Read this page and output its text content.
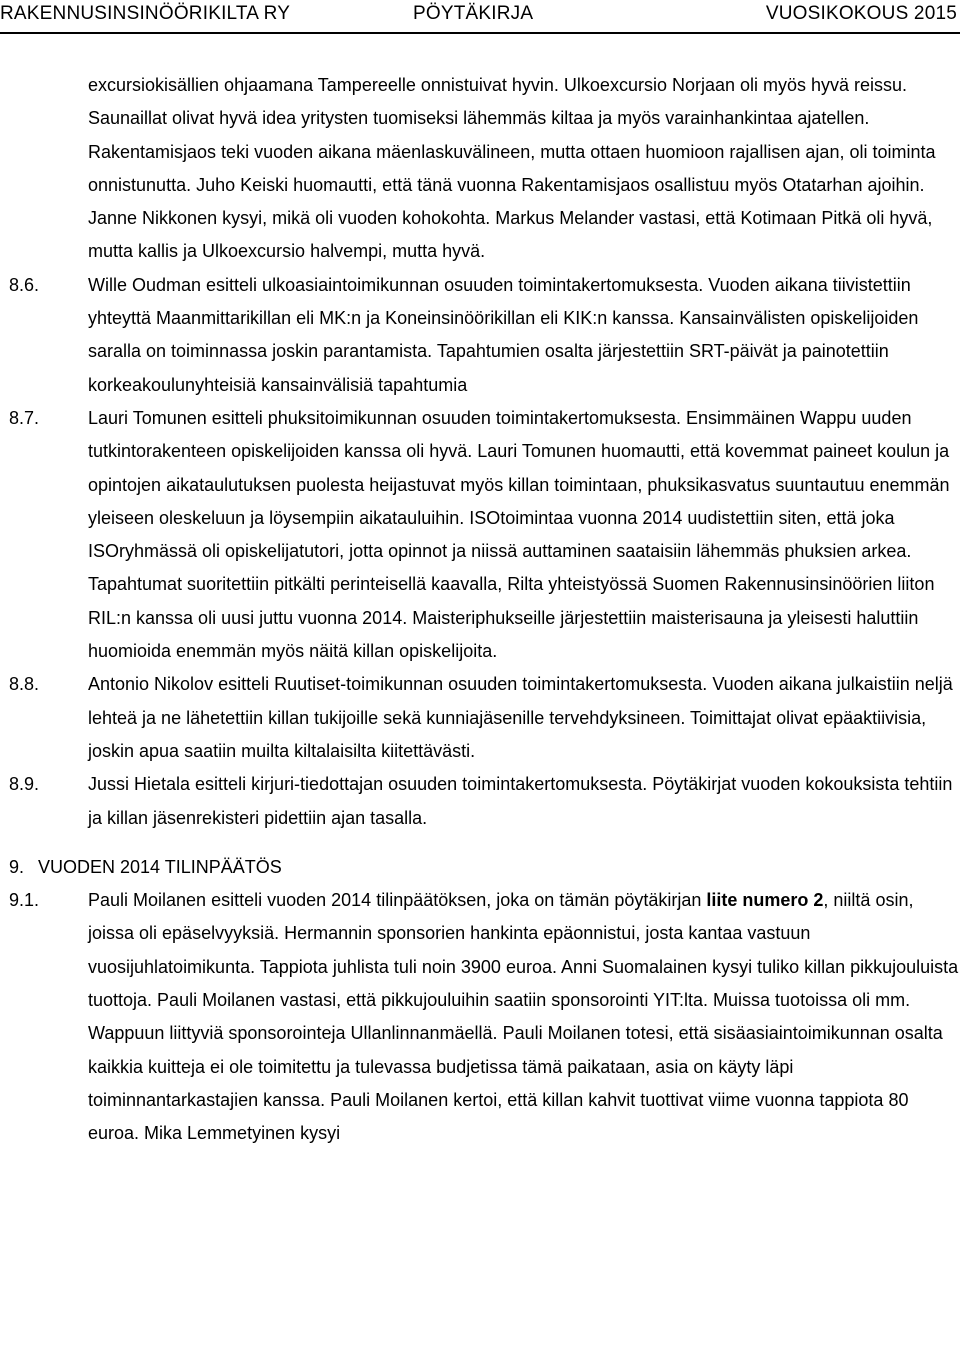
RAKENNUSINSINÖÖRIKILTA RY	PÖYTÄKIRJA	VUOSIKOKOUS 2015
excursiokisällien ohjaamana Tampereelle onnistuivat hyvin. Ulkoexcursio Norjaan oli myös hyvä reissu. Saunaillat olivat hyvä idea yritysten tuomiseksi lähemmäs kiltaa ja myös varainhankintaa ajatellen. Rakentamisjaos teki vuoden aikana mäenlaskuvälineen, mutta ottaen huomioon rajallisen ajan, oli toiminta onnistunutta. Juho Keiski huomautti, että tänä vuonna Rakentamisjaos osallistuu myös Otatarhan ajoihin. Janne Nikkonen kysyi, mikä oli vuoden kohokohta. Markus Melander vastasi, että Kotimaan Pitkä oli hyvä, mutta kallis ja Ulkoexcursio halvempi, mutta hyvä.
8.6.	Wille Oudman esitteli ulkoasiaintoimikunnan osuuden toimintakertomuksesta. Vuoden aikana tiivistettiin yhteyttä Maanmittarikillan eli MK:n ja Koneinsinöörikillan eli KIK:n kanssa. Kansainvälisten opiskelijoiden saralla on toiminnassa joskin parantamista. Tapahtumien osalta järjestettiin SRT-päivät ja painotettiin korkeakoulunyhteisiä kansainvälisiä tapahtumia
8.7.	Lauri Tomunen esitteli phuksitoimikunnan osuuden toimintakertomuksesta. Ensimmäinen Wappu uuden tutkintorakenteen opiskelijoiden kanssa oli hyvä. Lauri Tomunen huomautti, että kovemmat paineet koulun ja opintojen aikataulutuksen puolesta heijastuvat myös killan toimintaan, phuksikasvatus suuntautuu enemmän yleiseen oleskeluun ja löysempiin aikatauluihin. ISOtoimintaa vuonna 2014 uudistettiin siten, että joka ISOryhmässä oli opiskelijatutori, jotta opinnot ja niissä auttaminen saataisiin lähemmäs phuksien arkea. Tapahtumat suoritettiin pitkälti perinteisellä kaavalla, Rilta yhteistyössä Suomen Rakennusinsinöörien liiton RIL:n kanssa oli uusi juttu vuonna 2014. Maisteriphukseille järjestettiin maisterisauna ja yleisesti haluttiin huomioida enemmän myös näitä killan opiskelijoita.
8.8.	Antonio Nikolov esitteli Ruutiset-toimikunnan osuuden toimintakertomuksesta. Vuoden aikana julkaistiin neljä lehteä ja ne lähetettiin killan tukijoille sekä kunniajäsenille tervehdyksineen. Toimittajat olivat epäaktiivisia, joskin apua saatiin muilta kiltalaisilta kiitettävästi.
8.9.	Jussi Hietala esitteli kirjuri-tiedottajan osuuden toimintakertomuksesta. Pöytäkirjat vuoden kokouksista tehtiin ja killan jäsenrekisteri pidettiin ajan tasalla.
9. VUODEN 2014 TILINPÄÄTÖS
9.1.	Pauli Moilanen esitteli vuoden 2014 tilinpäätöksen, joka on tämän pöytäkirjan liite numero 2, niiltä osin, joissa oli epäselvyyksiä. Hermannin sponsorien hankinta epäonnistui, josta kantaa vastuun vuosijuhlatoimikunta. Tappiota juhlista tuli noin 3900 euroa. Anni Suomalainen kysyi tuliko killan pikkujouluista tuottoja. Pauli Moilanen vastasi, että pikkujouluihin saatiin sponsorointi YIT:lta. Muissa tuotoissa oli mm. Wappuun liittyviä sponsorointeja Ullanlinnanmäellä. Pauli Moilanen totesi, että sisäasiaintoimikunnan osalta kaikkia kuitteja ei ole toimitettu ja tulevassa budjetissa tämä paikataan, asia on käyty läpi toiminnantarkastajien kanssa. Pauli Moilanen kertoi, että killan kahvit tuottivat viime vuonna tappiota 80 euroa. Mika Lemmetyinen kysyi
